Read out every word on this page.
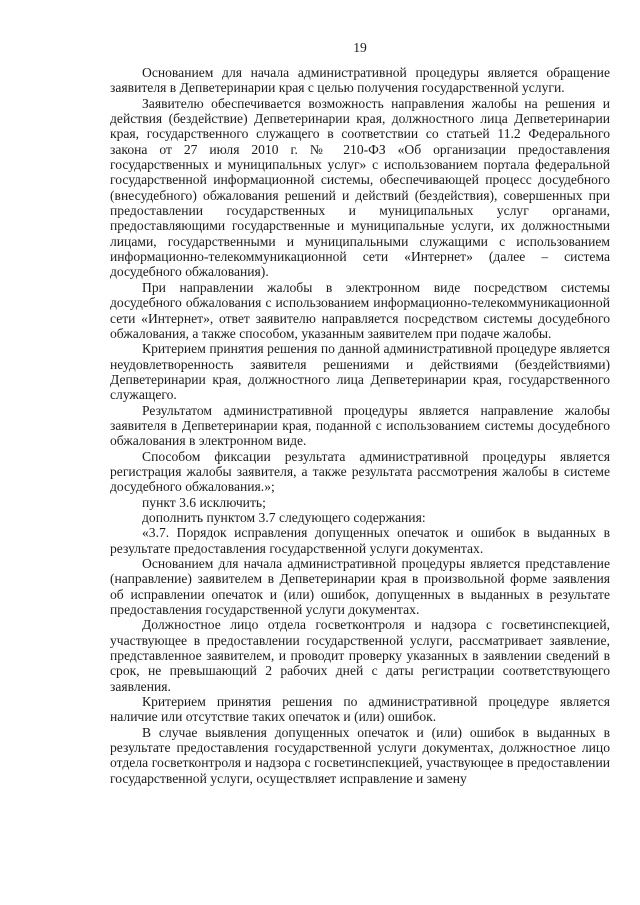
19

Основанием для начала административной процедуры является обращение заявителя в Депветеринарии края с целью получения государственной услуги.

Заявителю обеспечивается возможность направления жалобы на решения и действия (бездействие) Депветеринарии края, должностного лица Депветеринарии края, государственного служащего в соответствии со статьей 11.2 Федерального закона от 27 июля 2010 г. № 210-ФЗ «Об организации предоставления государственных и муниципальных услуг» с использованием портала федеральной государственной информационной системы, обеспечивающей процесс досудебного (внесудебного) обжалования решений и действий (бездействия), совершенных при предоставлении государственных и муниципальных услуг органами, предоставляющими государственные и муниципальные услуги, их должностными лицами, государственными и муниципальными служащими с использованием информационно-телекоммуникационной сети «Интернет» (далее – система досудебного обжалования).

При направлении жалобы в электронном виде посредством системы досудебного обжалования с использованием информационно-телекоммуникационной сети «Интернет», ответ заявителю направляется посредством системы досудебного обжалования, а также способом, указанным заявителем при подаче жалобы.

Критерием принятия решения по данной административной процедуре является неудовлетворенность заявителя решениями и действиями (бездействиями) Депветеринарии края, должностного лица Депветеринарии края, государственного служащего.

Результатом административной процедуры является направление жалобы заявителя в Депветеринарии края, поданной с использованием системы досудебного обжалования в электронном виде.

Способом фиксации результата административной процедуры является регистрация жалобы заявителя, а также результата рассмотрения жалобы в системе досудебного обжалования.»;

пункт 3.6 исключить;

дополнить пунктом 3.7 следующего содержания:

«3.7. Порядок исправления допущенных опечаток и ошибок в выданных в результате предоставления государственной услуги документах.

Основанием для начала административной процедуры является представление (направление) заявителем в Депветеринарии края в произвольной форме заявления об исправлении опечаток и (или) ошибок, допущенных в выданных в результате предоставления государственной услуги документах.

Должностное лицо отдела госветконтроля и надзора с госветинспекцией, участвующее в предоставлении государственной услуги, рассматривает заявление, представленное заявителем, и проводит проверку указанных в заявлении сведений в срок, не превышающий 2 рабочих дней с даты регистрации соответствующего заявления.

Критерием принятия решения по административной процедуре является наличие или отсутствие таких опечаток и (или) ошибок.

В случае выявления допущенных опечаток и (или) ошибок в выданных в результате предоставления государственной услуги документах, должностное лицо отдела госветконтроля и надзора с госветинспекцией, участвующее в предоставлении государственной услуги, осуществляет исправление и замену
